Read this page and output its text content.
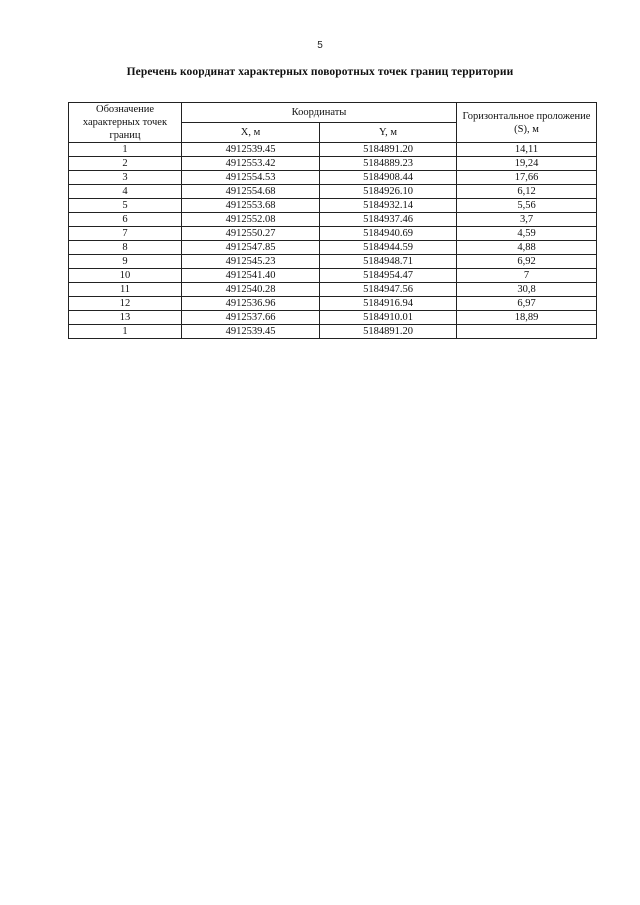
5
Перечень координат характерных поворотных точек границ территории
Обозначение характерных точек границ	Координаты		Горизонтальное проложение (S), м
	X, м	Y, м	
1	4912539.45	5184891.20	14,11
2	4912553.42	5184889.23	19,24
3	4912554.53	5184908.44	17,66
4	4912554.68	5184926.10	6,12
5	4912553.68	5184932.14	5,56
6	4912552.08	5184937.46	3,7
7	4912550.27	5184940.69	4,59
8	4912547.85	5184944.59	4,88
9	4912545.23	5184948.71	6,92
10	4912541.40	5184954.47	7
11	4912540.28	5184947.56	30,8
12	4912536.96	5184916.94	6,97
13	4912537.66	5184910.01	18,89
1	4912539.45	5184891.20	
